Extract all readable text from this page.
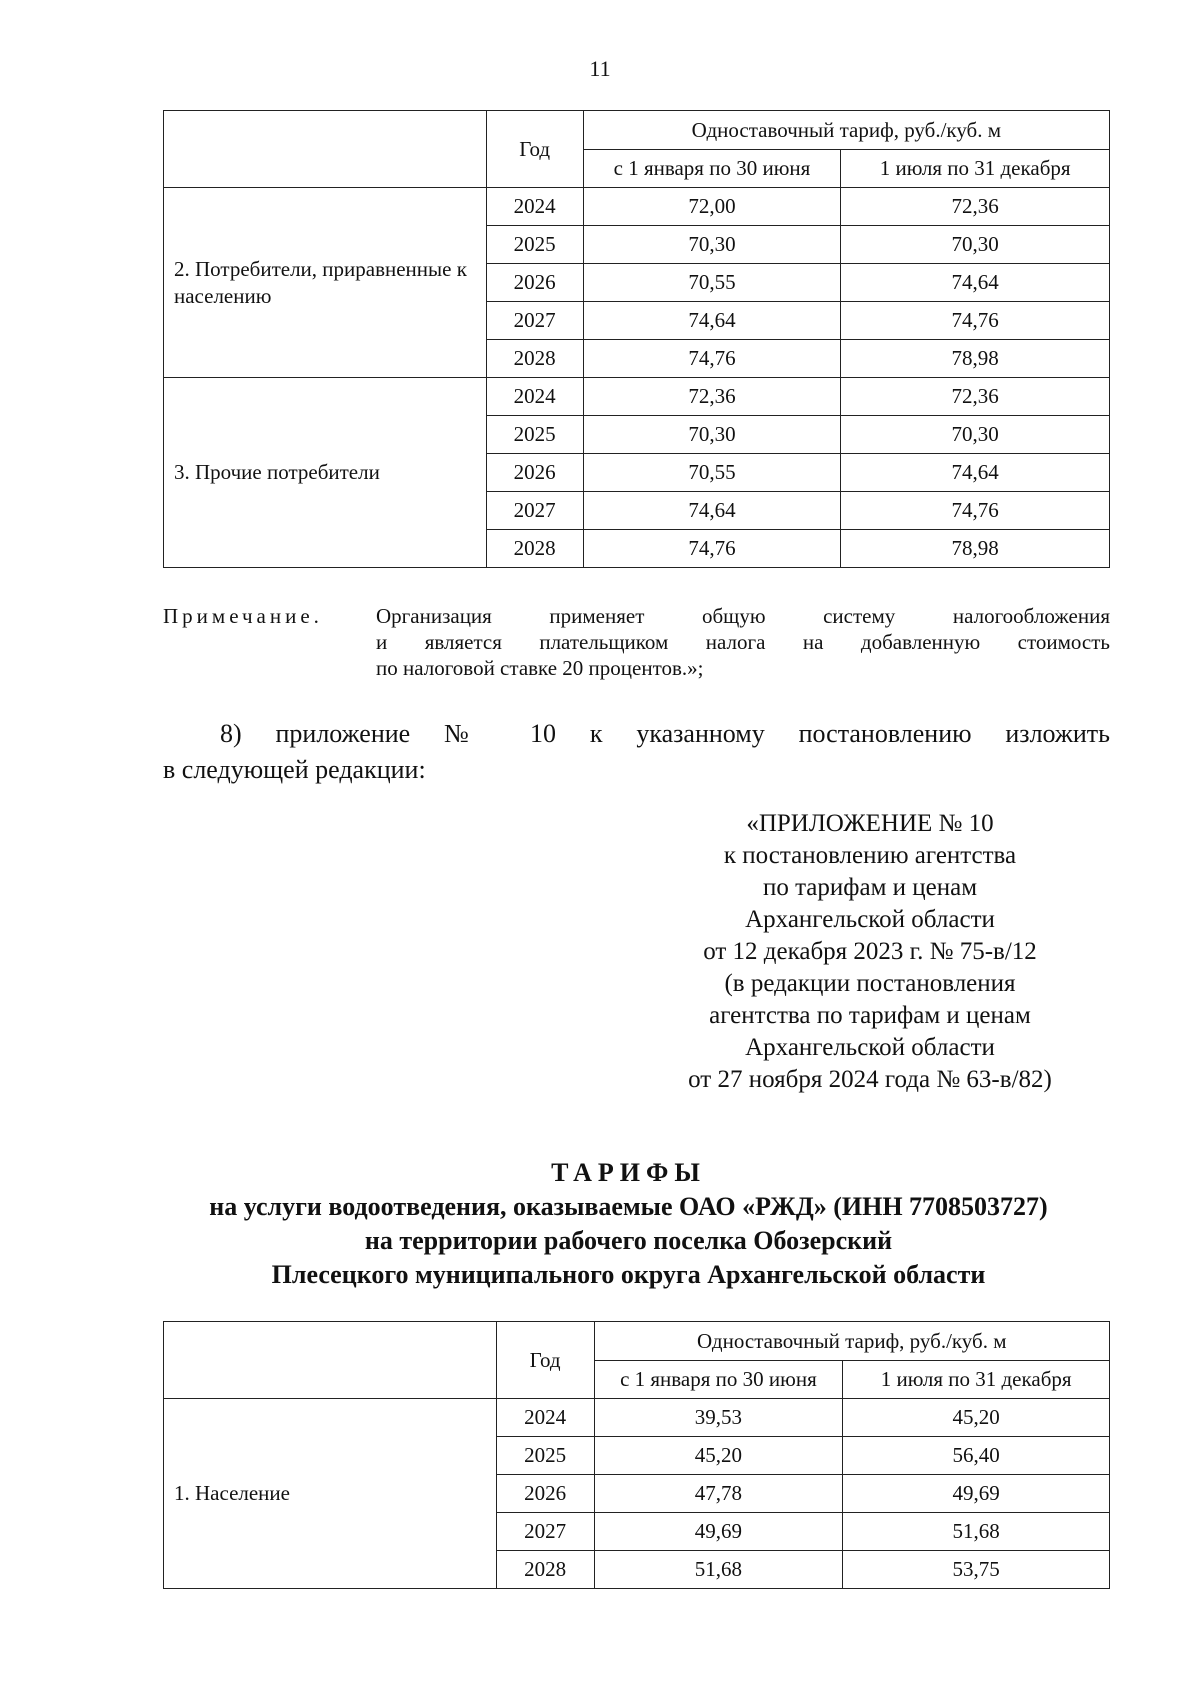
11
	Год	Одноставочный тариф, руб./куб. м	
		с 1 января по 30 июня	1 июля по 31 декабря
2. Потребители, приравненные к населению	2024	72,00	72,36
	2025	70,30	70,30
	2026	70,55	74,64
	2027	74,64	74,76
	2028	74,76	78,98
3. Прочие потребители	2024	72,36	72,36
	2025	70,30	70,30
	2026	70,55	74,64
	2027	74,64	74,76
	2028	74,76	78,98
Примечание.	Организация применяет общую систему налогообложения
и является плательщиком налога на добавленную стоимость
по налоговой ставке 20 процентов.»;
8) приложение № 10 к указанному постановлению изложить
в следующей редакции:
«ПРИЛОЖЕНИЕ № 10
к постановлению агентства
по тарифам и ценам
Архангельской области
от 12 декабря 2023 г. № 75-в/12
(в редакции постановления
агентства по тарифам и ценам
Архангельской области
от 27 ноября 2024 года № 63-в/82)
ТАРИФЫ
на услуги водоотведения, оказываемые ОАО «РЖД» (ИНН 7708503727)
на территории рабочего поселка Обозерский
Плесецкого муниципального округа Архангельской области
	Год	Одноставочный тариф, руб./куб. м	
		с 1 января по 30 июня	1 июля по 31 декабря
1. Население	2024	39,53	45,20
	2025	45,20	56,40
	2026	47,78	49,69
	2027	49,69	51,68
	2028	51,68	53,75
